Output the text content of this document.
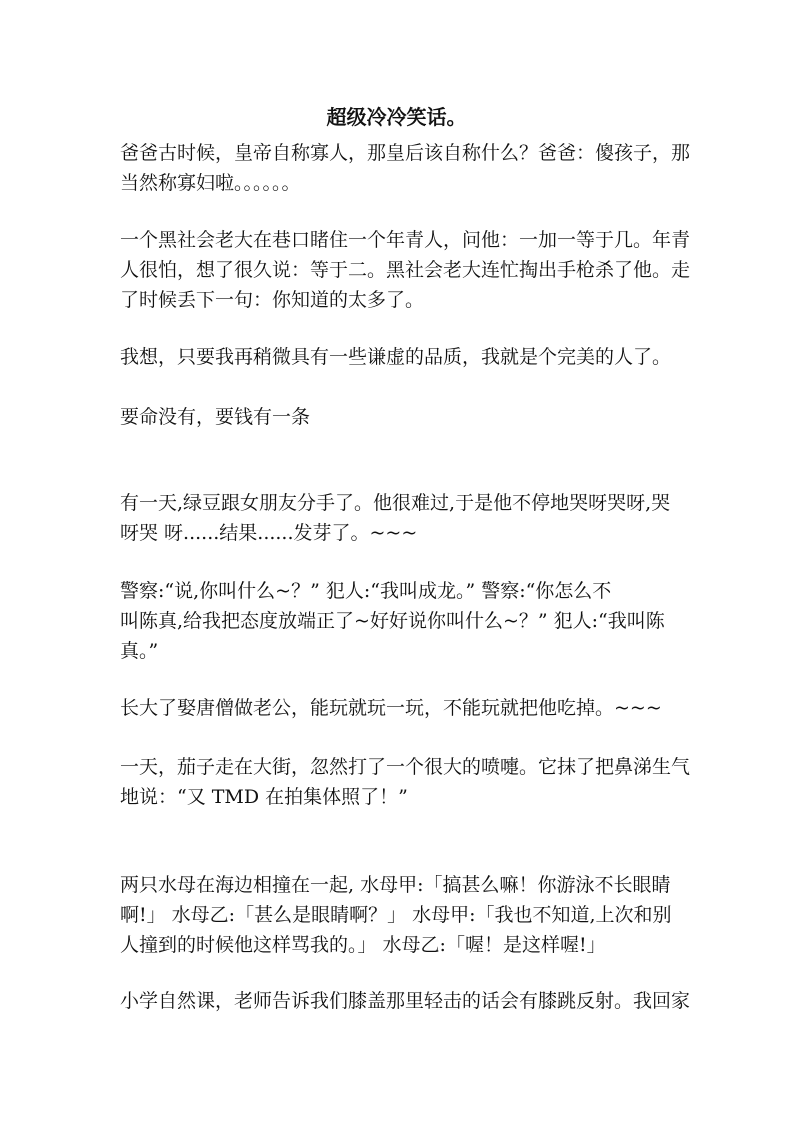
超级冷冷笑话。
爸爸古时候，皇帝自称寡人，那皇后该自称什么？爸爸：傻孩子，那
当然称寡妇啦。。。。。。
一个黑社会老大在巷口睹住一个年青人，问他：一加一等于几。年青
人很怕，想了很久说：等于二。黑社会老大连忙掏出手枪杀了他。走
了时候丢下一句：你知道的太多了。
我想，只要我再稍微具有一些谦虚的品质，我就是个完美的人了。
要命没有，要钱有一条
有一天,绿豆跟女朋友分手了。他很难过,于是他不停地哭呀哭呀,哭
呀哭 呀......结果......发芽了。~~~
警察:“说,你叫什么~？” 犯人:“我叫成龙。” 警察:“你怎么不
叫陈真,给我把态度放端正了~好好说你叫什么~？” 犯人:“我叫陈
真。”
长大了娶唐僧做老公，能玩就玩一玩，不能玩就把他吃掉。~~~
一天，茄子走在大街，忽然打了一个很大的喷嚏。它抹了把鼻涕生气
地说：“又 TMD 在拍集体照了！”
两只水母在海边相撞在一起, 水母甲:「搞甚么嘛！你游泳不长眼睛
啊!」 水母乙:「甚么是眼睛啊？」 水母甲:「我也不知道,上次和别
人撞到的时候他这样骂我的。」 水母乙:「喔！是这样喔!」
小学自然课，老师告诉我们膝盖那里轻击的话会有膝跳反射。我回家
